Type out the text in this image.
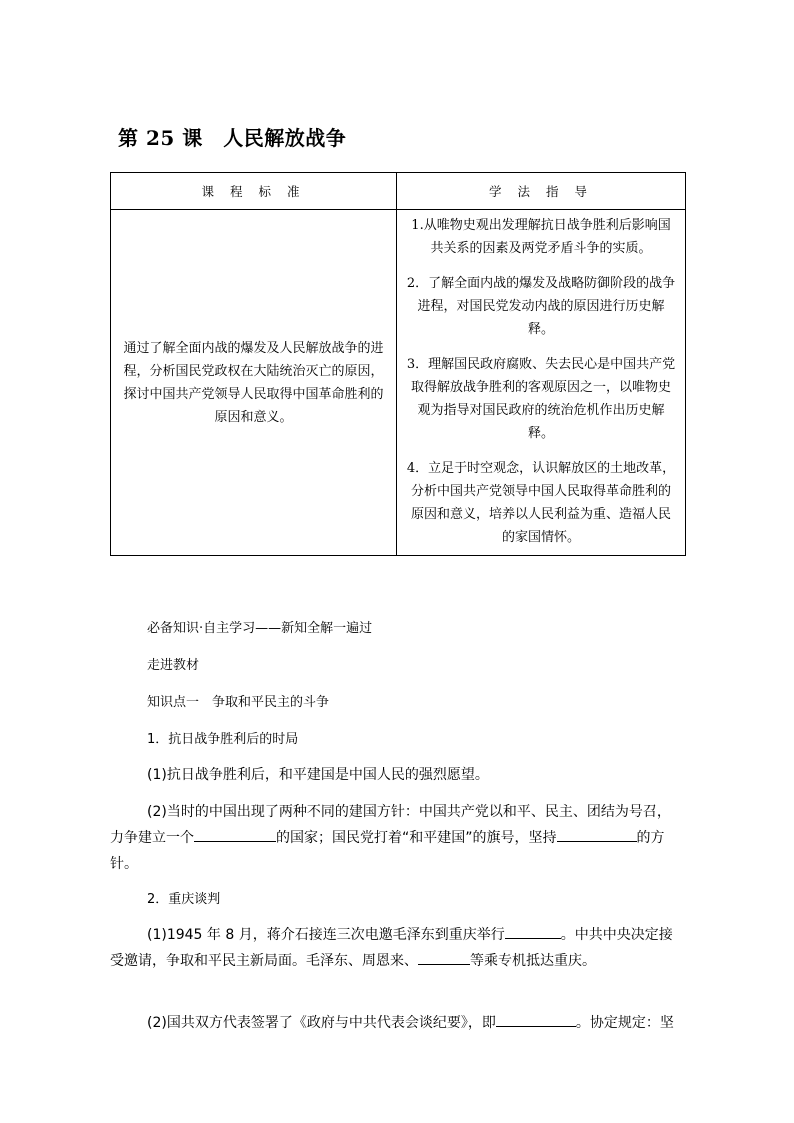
第 25 课　人民解放战争
课 程 标 准	学 法 指 导

通过了解全面内战的爆发及人民解放战争的进程，分析国民党政权在大陆统治灭亡的原因，探讨中国共产党领导人民取得中国革命胜利的原因和意义。	1.从唯物史观出发理解抗日战争胜利后影响国共关系的因素及两党矛盾斗争的实质。
2．了解全面内战的爆发及战略防御阶段的战争进程，对国民党发动内战的原因进行历史解释。
3．理解国民政府腐败、失去民心是中国共产党取得解放战争胜利的客观原因之一，以唯物史观为指导对国民政府的统治危机作出历史解释。
4．立足于时空观念，认识解放区的土地改革，分析中国共产党领导中国人民取得革命胜利的原因和意义，培养以人民利益为重、造福人民的家国情怀。
必备知识·自主学习——新知全解一遍过
走进教材
知识点一　争取和平民主的斗争
1．抗日战争胜利后的时局
(1)抗日战争胜利后，和平建国是中国人民的强烈愿望。
(2)当时的中国出现了两种不同的建国方针：中国共产党以和平、民主、团结为号召，力争建立一个	的国家；国民党打着“和平建国”的旗号，坚持	的方针。
2．重庆谈判
(1)1945 年 8 月，蒋介石接连三次电邀毛泽东到重庆举行	。中共中央决定接受邀请，争取和平民主新局面。毛泽东、周恩来、	等乘专机抵达重庆。
(2)国共双方代表签署了《政府与中共代表会谈纪要》，即	。协定规定：坚
